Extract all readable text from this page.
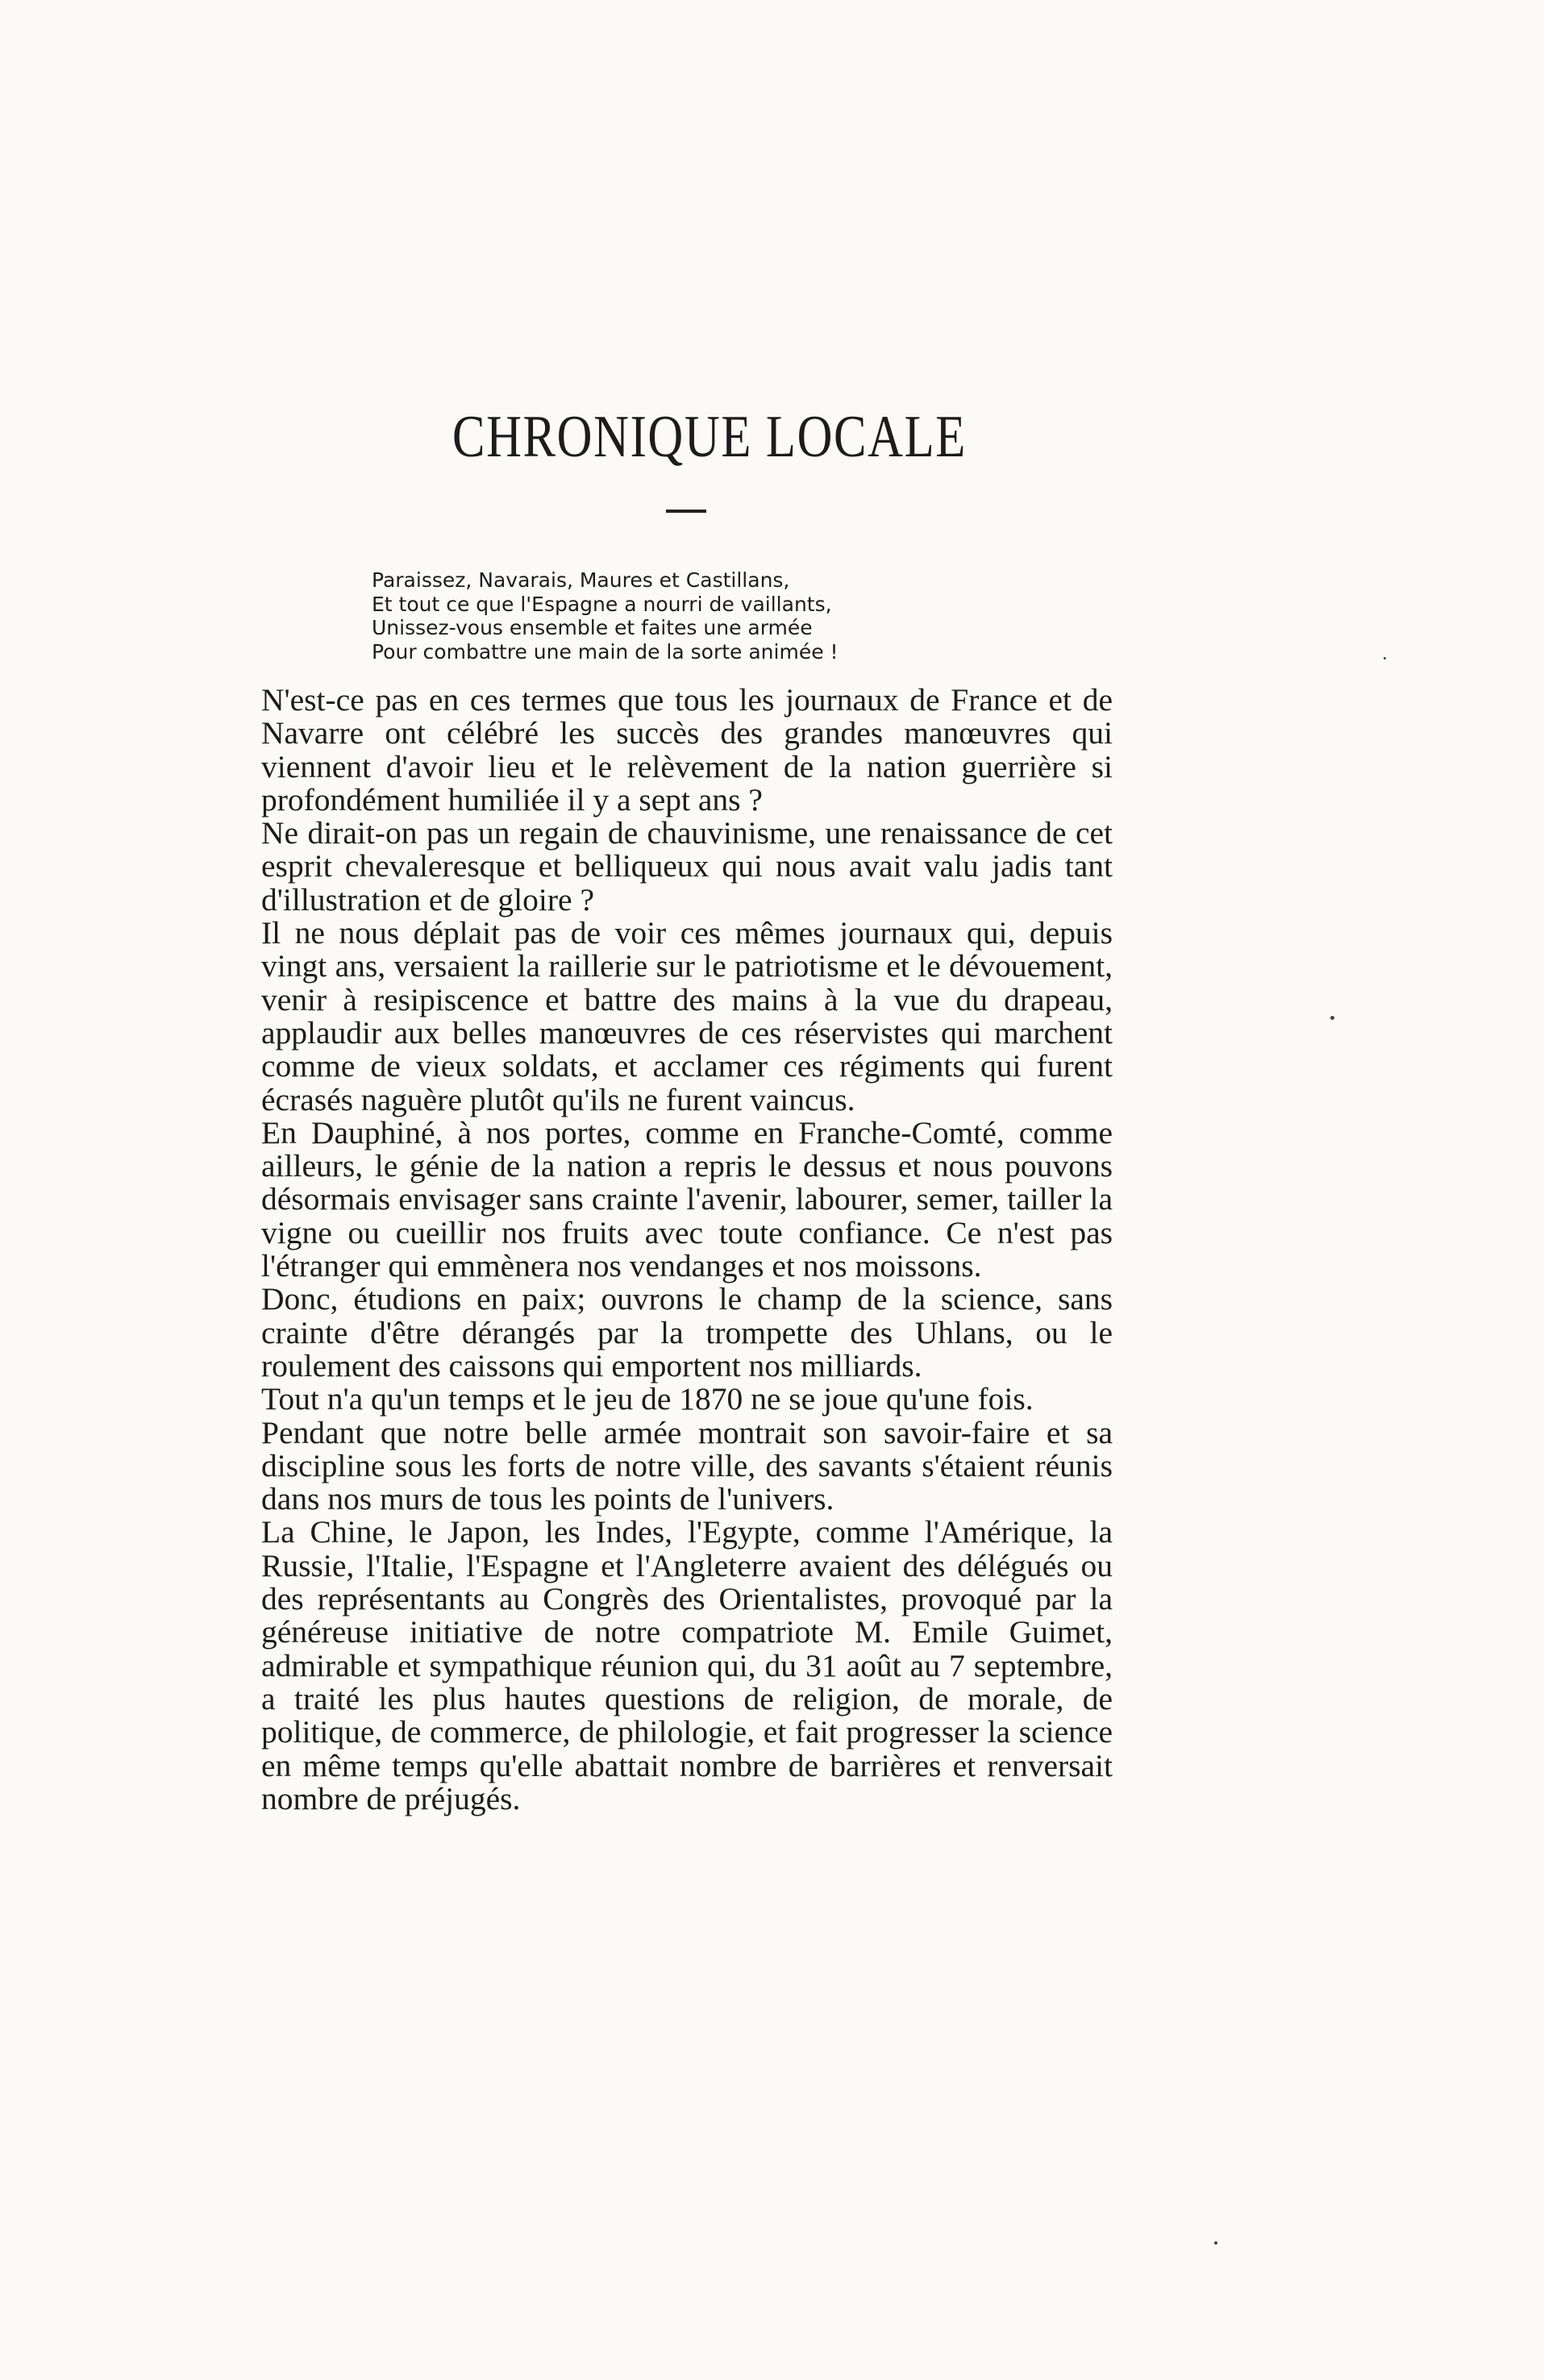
CHRONIQUE LOCALE
Paraissez, Navarais, Maures et Castillans,
Et tout ce que l'Espagne a nourri de vaillants,
Unissez-vous ensemble et faites une armée
Pour combattre une main de la sorte animée !

N'est-ce pas en ces termes que tous les journaux de France et de Navarre ont célébré les succès des grandes manœuvres qui viennent d'avoir lieu et le relèvement de la nation guerrière si profondément humiliée il y a sept ans ?

Ne dirait-on pas un regain de chauvinisme, une renaissance de cet esprit chevaleresque et belliqueux qui nous avait valu jadis tant d'illustration et de gloire ?

Il ne nous déplait pas de voir ces mêmes journaux qui, depuis vingt ans, versaient la raillerie sur le patriotisme et le dévouement, venir à resipiscence et battre des mains à la vue du drapeau, applaudir aux belles manœuvres de ces réservistes qui marchent comme de vieux soldats, et acclamer ces régiments qui furent écrasés naguère plutôt qu'ils ne furent vaincus.

En Dauphiné, à nos portes, comme en Franche-Comté, comme ailleurs, le génie de la nation a repris le dessus et nous pouvons désormais envisager sans crainte l'avenir, labourer, semer, tailler la vigne ou cueillir nos fruits avec toute confiance. Ce n'est pas l'étranger qui emmènera nos vendanges et nos moissons.

Donc, étudions en paix; ouvrons le champ de la science, sans crainte d'être dérangés par la trompette des Uhlans, ou le roulement des caissons qui emportent nos milliards.

Tout n'a qu'un temps et le jeu de 1870 ne se joue qu'une fois.

Pendant que notre belle armée montrait son savoir-faire et sa discipline sous les forts de notre ville, des savants s'étaient réunis dans nos murs de tous les points de l'univers.

La Chine, le Japon, les Indes, l'Egypte, comme l'Amérique, la Russie, l'Italie, l'Espagne et l'Angleterre avaient des délégués ou des représentants au Congrès des Orientalistes, provoqué par la généreuse initiative de notre compatriote M. Emile Guimet, admirable et sympathique réunion qui, du 31 août au 7 septembre, a traité les plus hautes questions de religion, de morale, de politique, de commerce, de philologie, et fait progresser la science en même temps qu'elle abattait nombre de barrières et renversait nombre de préjugés.
